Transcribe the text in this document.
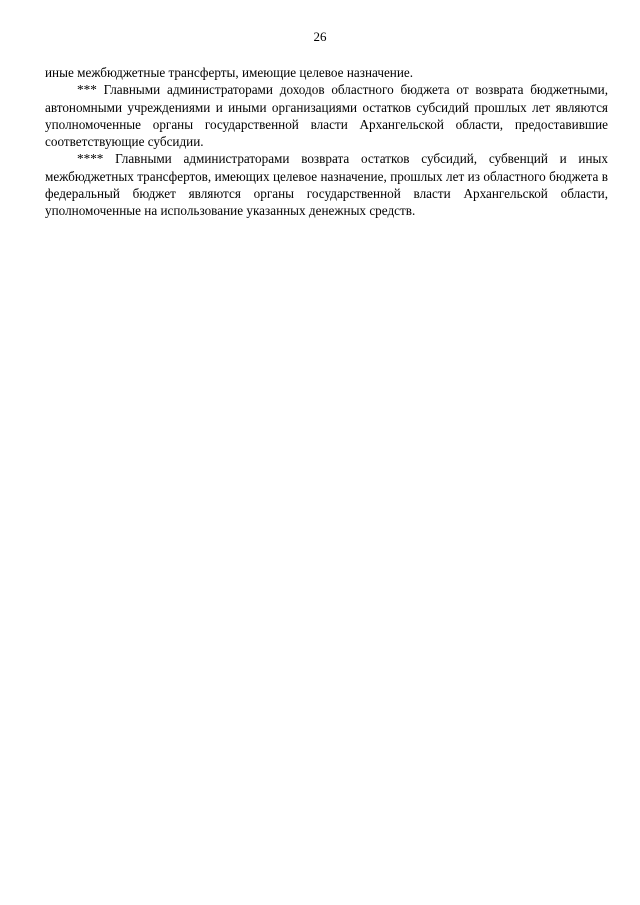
26

иные межбюджетные трансферты, имеющие целевое назначение.

*** Главными администраторами доходов областного бюджета от возврата бюджетными, автономными учреждениями и иными организациями остатков субсидий прошлых лет являются уполномоченные органы государственной власти Архангельской области, предоставившие соответствующие субсидии.

**** Главными администраторами возврата остатков субсидий, субвенций и иных межбюджетных трансфертов, имеющих целевое назначение, прошлых лет из областного бюджета в федеральный бюджет являются органы государственной власти Архангельской области, уполномоченные на использование указанных денежных средств.
